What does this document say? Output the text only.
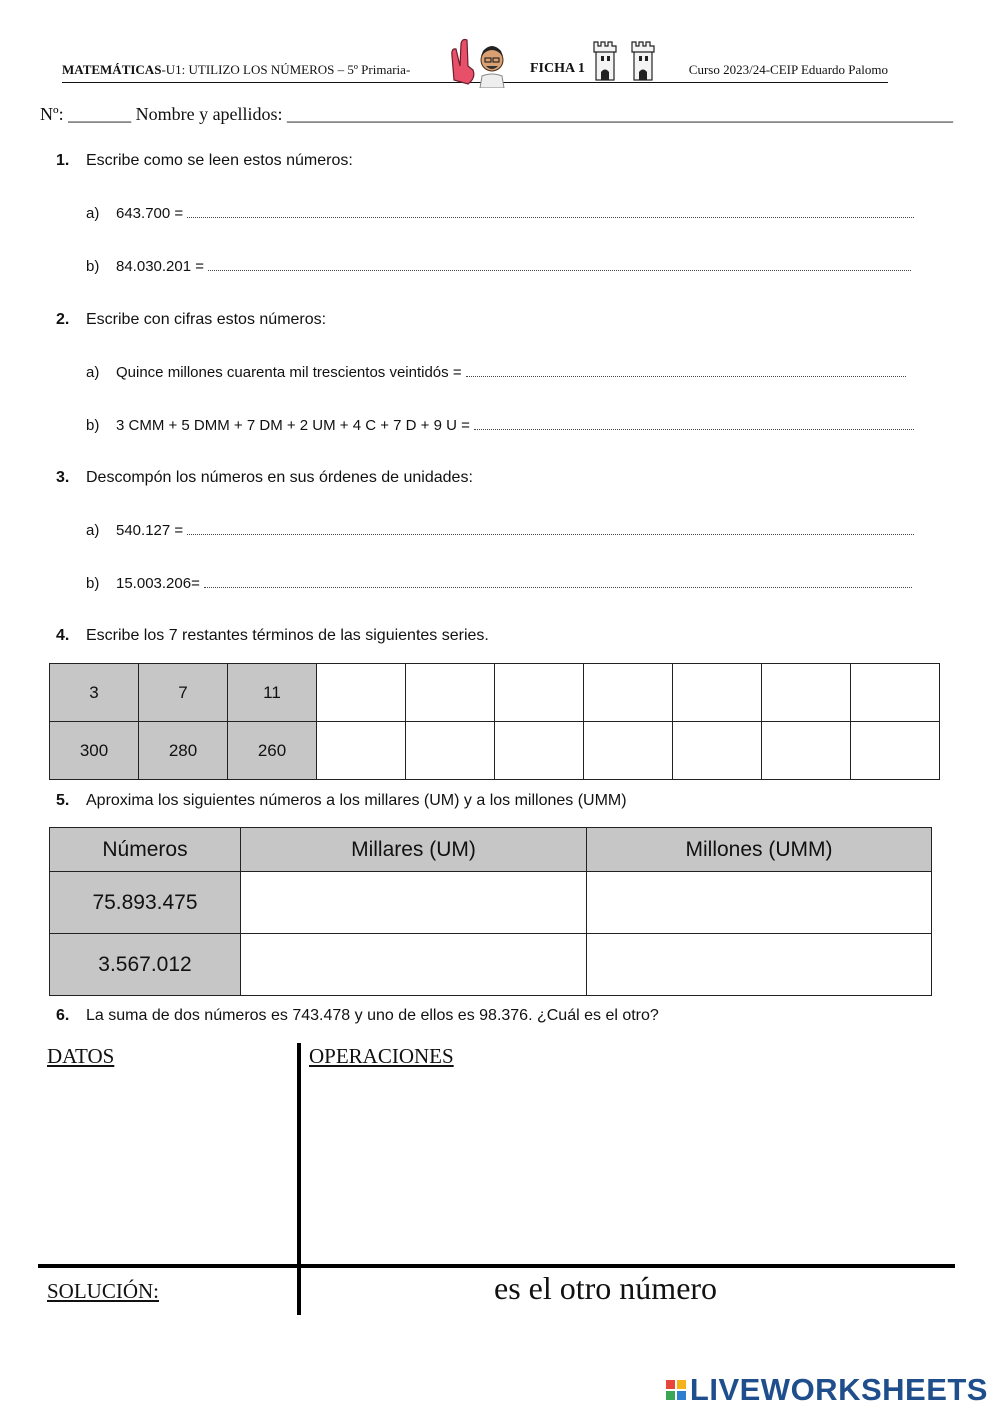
MATEMÁTICAS-U1: UTILIZO LOS NÚMEROS – 5º Primaria-	FICHA 1	Curso 2023/24-CEIP Eduardo Palomo
Nº: _______ Nombre y apellidos: __________________________________________________________________________
1. Escribe como se leen estos números:
a)	643.700 =
b)	84.030.201 =
2. Escribe con cifras estos números:
a)	Quince millones cuarenta mil trescientos veintidós =
b)	3 CMM + 5 DMM + 7 DM + 2 UM + 4 C + 7 D + 9 U =
3. Descompón los números en sus órdenes de unidades:
a)	540.127 =
b)	15.003.206=
4. Escribe los 7 restantes términos de las siguientes series.
3	7	11							
300	280	260							
5. Aproxima los siguientes números a los millares (UM) y a los millones (UMM)
Números	Millares (UM)	Millones (UMM)
75.893.475		
3.567.012		
6. La suma de dos números es 743.478 y uno de ellos es 98.376. ¿Cuál es el otro?
DATOS	OPERACIONES
SOLUCIÓN:	es el otro número
LIVEWORKSHEETS
